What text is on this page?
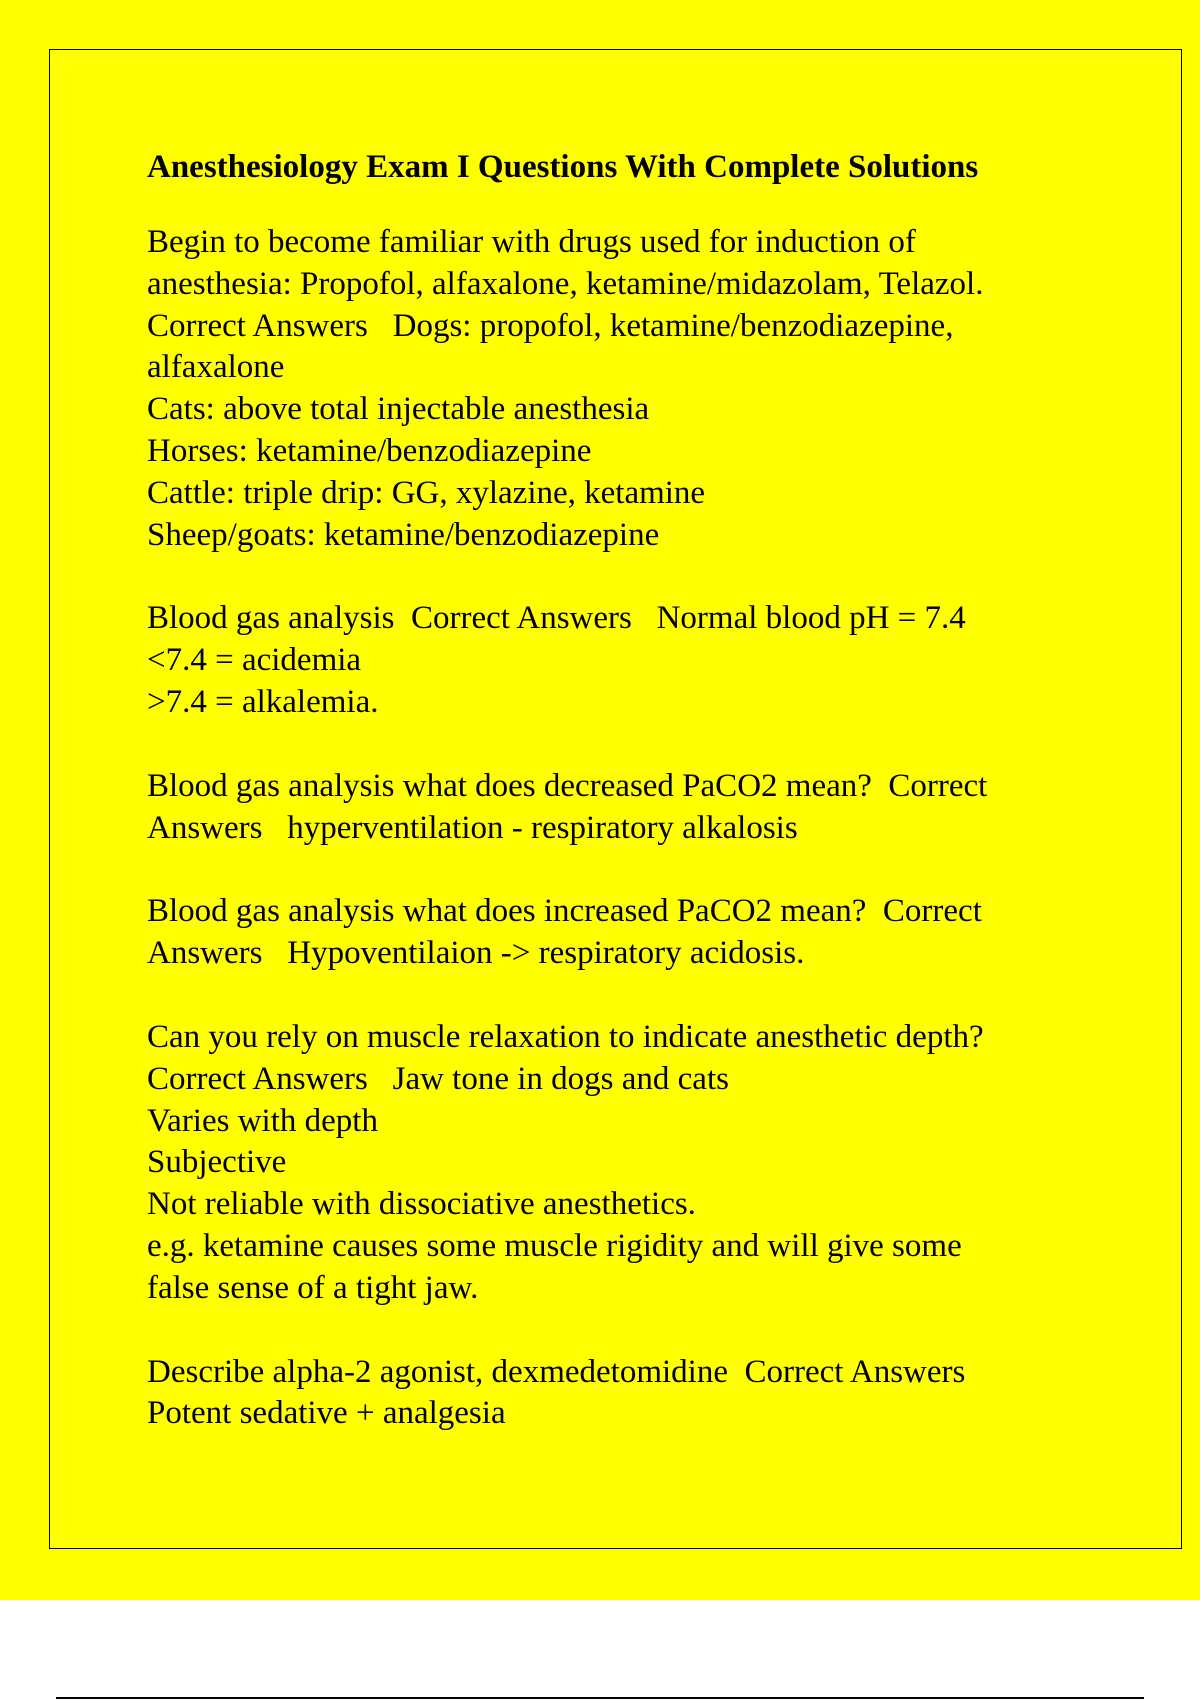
Anesthesiology Exam I Questions With Complete Solutions
Begin to become familiar with drugs used for induction of
anesthesia: Propofol, alfaxalone, ketamine/midazolam, Telazol.
Correct Answers   Dogs: propofol, ketamine/benzodiazepine,
alfaxalone
Cats: above total injectable anesthesia
Horses: ketamine/benzodiazepine
Cattle: triple drip: GG, xylazine, ketamine
Sheep/goats: ketamine/benzodiazepine
Blood gas analysis  Correct Answers   Normal blood pH = 7.4
<7.4 = acidemia
>7.4 = alkalemia.
Blood gas analysis what does decreased PaCO2 mean?  Correct
Answers   hyperventilation - respiratory alkalosis
Blood gas analysis what does increased PaCO2 mean?  Correct
Answers   Hypoventilaion -> respiratory acidosis.
Can you rely on muscle relaxation to indicate anesthetic depth?
Correct Answers   Jaw tone in dogs and cats
Varies with depth
Subjective
Not reliable with dissociative anesthetics.
e.g. ketamine causes some muscle rigidity and will give some
false sense of a tight jaw.
Describe alpha-2 agonist, dexmedetomidine  Correct Answers
Potent sedative + analgesia
